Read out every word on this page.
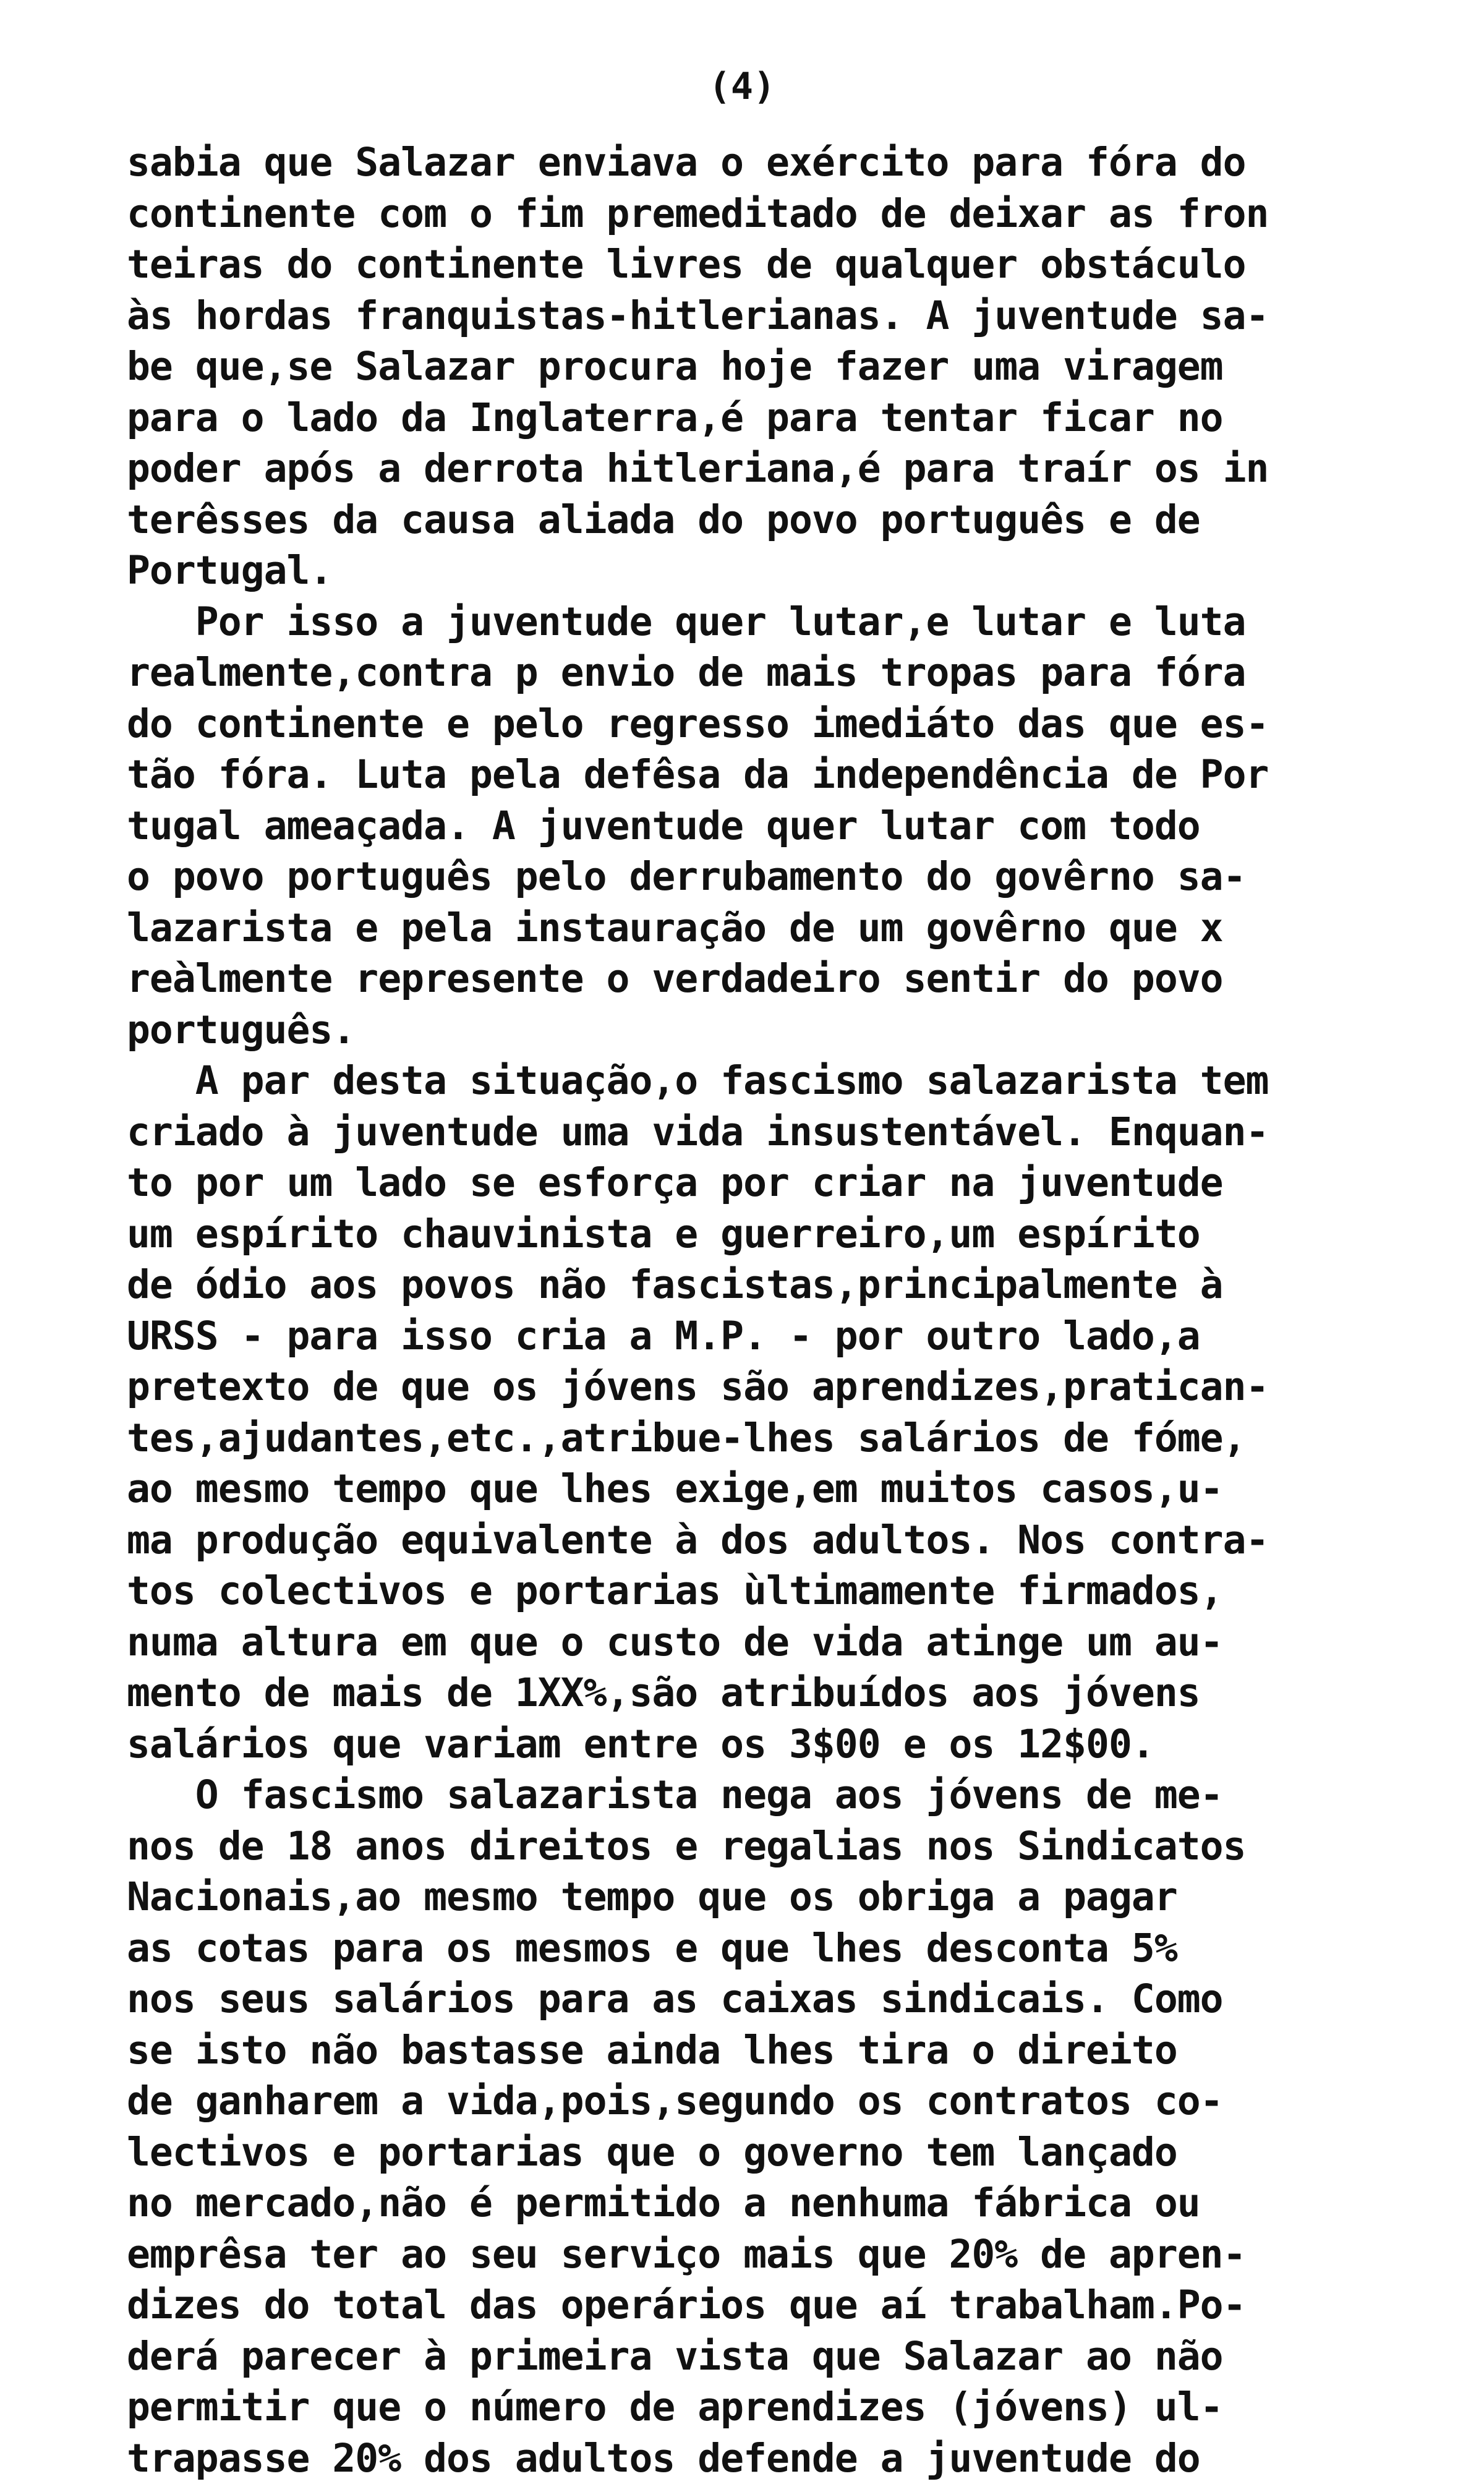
(4)
sabia que Salazar enviava o exército para fóra do
continente com o fim premeditado de deixar as fron
teiras do continente livres de qualquer obstáculo
às hordas franquistas-hitlerianas. A juventude sa-
be que,se Salazar procura hoje fazer uma viragem
para o lado da Inglaterra,é para tentar ficar no
poder após a derrota hitleriana,é para traír os in
terêsses da causa aliada do povo português e de
Portugal.
Por isso a juventude quer lutar,e lutar e luta
realmente,contra p envio de mais tropas para fóra
do continente e pelo regresso imediáto das que es-
tão fóra. Luta pela defêsa da independência de Por
tugal ameaçada. A juventude quer lutar com todo
o povo português pelo derrubamento do govêrno sa-
lazarista e pela instauração de um govêrno que x
reàlmente represente o verdadeiro sentir do povo
português.
A par desta situação,o fascismo salazarista tem
criado à juventude uma vida insustentável. Enquan-
to por um lado se esforça por criar na juventude
um espírito chauvinista e guerreiro,um espírito
de ódio aos povos não fascistas,principalmente à
URSS - para isso cria a M.P. - por outro lado,a
pretexto de que os jóvens são aprendizes,pratican-
tes,ajudantes,etc.,atribue-lhes salários de fóme,
ao mesmo tempo que lhes exige,em muitos casos,u-
ma produção equivalente à dos adultos. Nos contra-
tos colectivos e portarias ùltimamente firmados,
numa altura em que o custo de vida atinge um au-
mento de mais de 1XX%,são atribuídos aos jóvens
salários que variam entre os 3$00 e os 12$00.
O fascismo salazarista nega aos jóvens de me-
nos de 18 anos direitos e regalias nos Sindicatos
Nacionais,ao mesmo tempo que os obriga a pagar
as cotas para os mesmos e que lhes desconta 5%
nos seus salários para as caixas sindicais. Como
se isto não bastasse ainda lhes tira o direito
de ganharem a vida,pois,segundo os contratos co-
lectivos e portarias que o governo tem lançado
no mercado,não é permitido a nenhuma fábrica ou
emprêsa ter ao seu serviço mais que 20% de apren-
dizes do total das operários que aí trabalham.Po-
derá parecer à primeira vista que Salazar ao não
permitir que o número de aprendizes (jóvens) ul-
trapasse 20% dos adultos defende a juventude do
